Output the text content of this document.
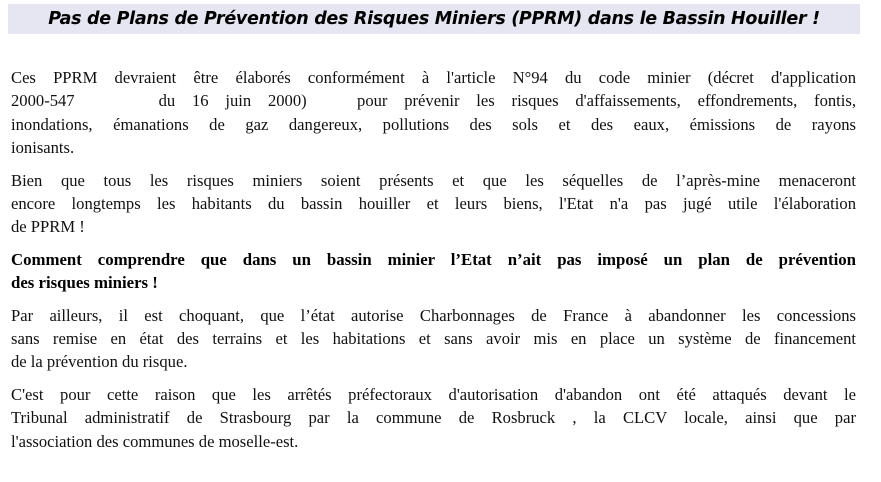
Pas de Plans de Prévention des Risques Miniers (PPRM) dans le Bassin Houiller !
Ces PPRM devraient être élaborés conformément à l'article N°94 du code minier (décret d'application
2000-547     du 16 juin 2000)   pour prévenir les risques d'affaissements, effondrements, fontis,
inondations, émanations de gaz dangereux, pollutions des sols et des eaux, émissions de rayons
ionisants.
Bien que tous les risques miniers soient présents et que les séquelles de l’après-mine menaceront
encore longtemps les habitants du bassin houiller et leurs biens, l'Etat n'a pas jugé utile l'élaboration
de PPRM !
Comment comprendre que dans un bassin minier l’Etat n’ait pas imposé un plan de prévention
des risques miniers !
Par ailleurs, il est choquant, que l’état autorise Charbonnages de France à abandonner les concessions
sans remise en état des terrains et les habitations et sans avoir mis en place un système de financement
de la prévention du risque.
C'est pour cette raison que les arrêtés préfectoraux d'autorisation d'abandon ont été attaqués devant le
Tribunal administratif de Strasbourg par la commune de Rosbruck , la CLCV locale, ainsi que par
l'association des communes de moselle-est.
